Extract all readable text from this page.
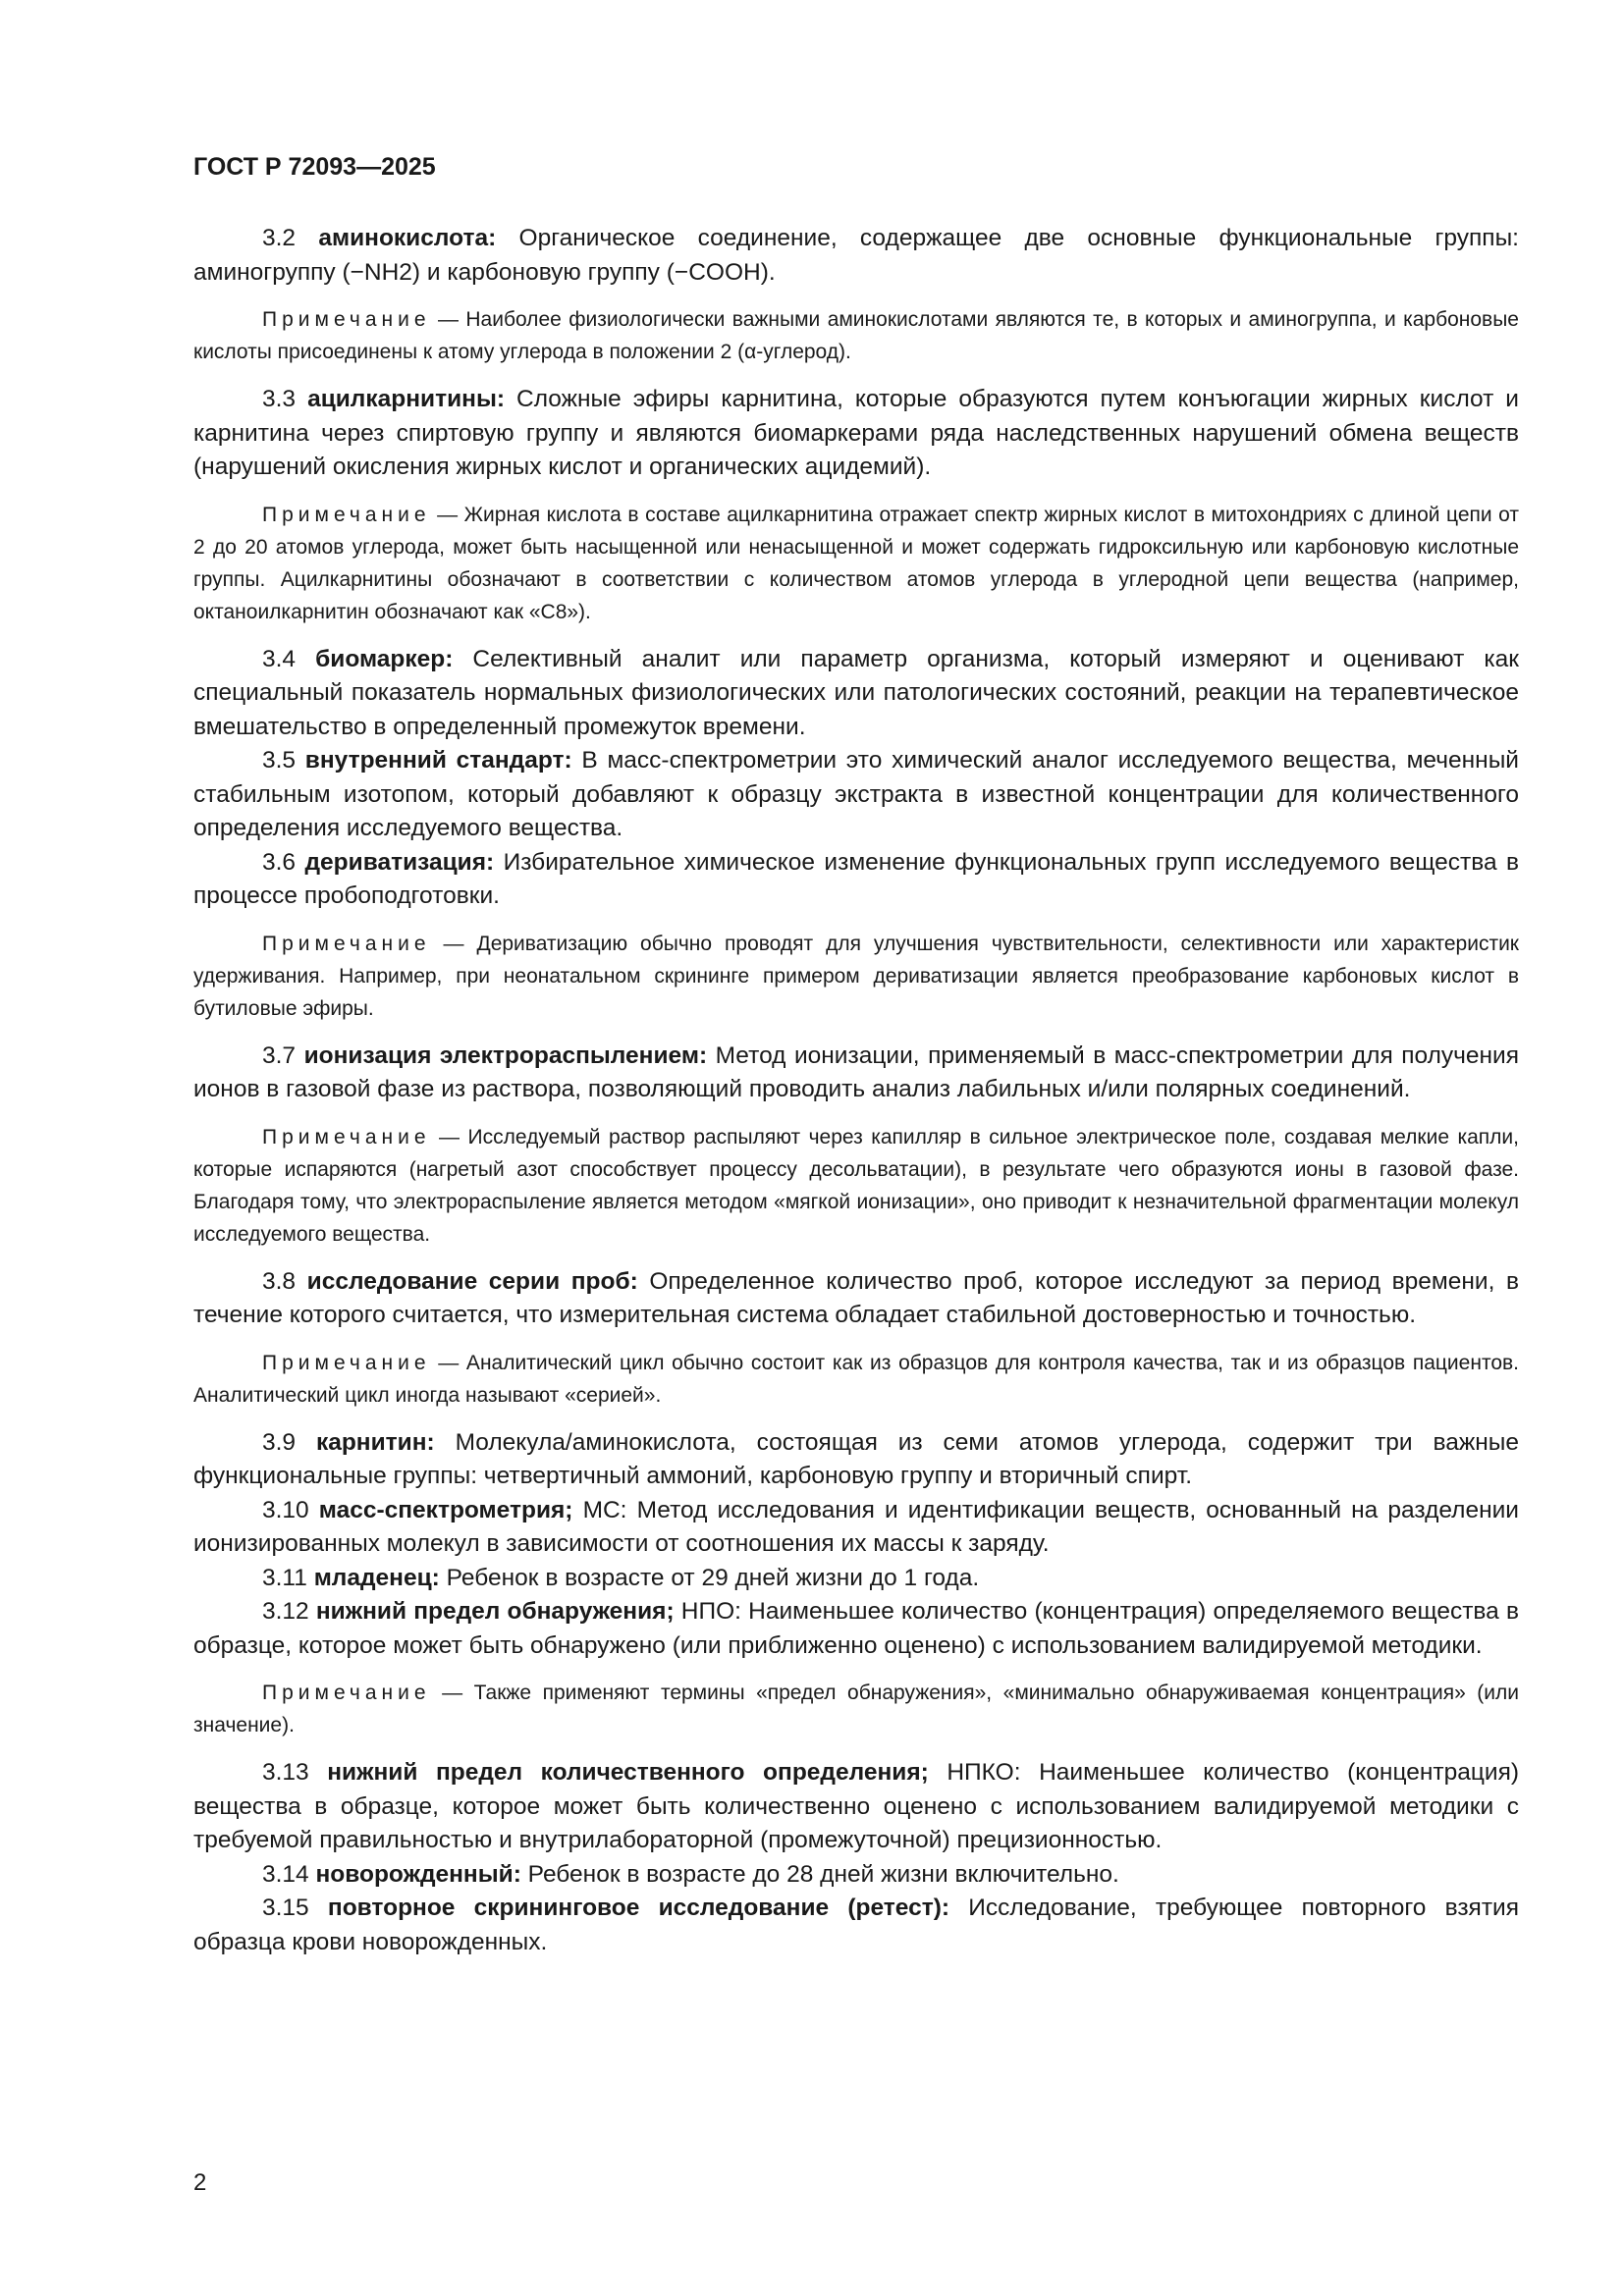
ГОСТ Р 72093—2025

3.2 аминокислота: Органическое соединение, содержащее две основные функциональные группы: аминогруппу (−NH2) и карбоновую группу (−COOH).

Примечание — Наиболее физиологически важными аминокислотами являются те, в которых и аминогруппа, и карбоновые кислоты присоединены к атому углерода в положении 2 (α-углерод).

3.3 ацилкарнитины: Сложные эфиры карнитина, которые образуются путем конъюгации жирных кислот и карнитина через спиртовую группу и являются биомаркерами ряда наследственных нарушений обмена веществ (нарушений окисления жирных кислот и органических ацидемий).

Примечание — Жирная кислота в составе ацилкарнитина отражает спектр жирных кислот в митохондриях с длиной цепи от 2 до 20 атомов углерода, может быть насыщенной или ненасыщенной и может содержать гидроксильную или карбоновую кислотные группы. Ацилкарнитины обозначают в соответствии с количеством атомов углерода в углеродной цепи вещества (например, октаноилкарнитин обозначают как «С8»).

3.4 биомаркер: Селективный аналит или параметр организма, который измеряют и оценивают как специальный показатель нормальных физиологических или патологических состояний, реакции на терапевтическое вмешательство в определенный промежуток времени.

3.5 внутренний стандарт: В масс-спектрометрии это химический аналог исследуемого вещества, меченный стабильным изотопом, который добавляют к образцу экстракта в известной концентрации для количественного определения исследуемого вещества.

3.6 дериватизация: Избирательное химическое изменение функциональных групп исследуемого вещества в процессе пробоподготовки.

Примечание — Дериватизацию обычно проводят для улучшения чувствительности, селективности или характеристик удерживания. Например, при неонатальном скрининге примером дериватизации является преобразование карбоновых кислот в бутиловые эфиры.

3.7 ионизация электрораспылением: Метод ионизации, применяемый в масс-спектрометрии для получения ионов в газовой фазе из раствора, позволяющий проводить анализ лабильных и/или полярных соединений.

Примечание — Исследуемый раствор распыляют через капилляр в сильное электрическое поле, создавая мелкие капли, которые испаряются (нагретый азот способствует процессу десольватации), в результате чего образуются ионы в газовой фазе. Благодаря тому, что электрораспыление является методом «мягкой ионизации», оно приводит к незначительной фрагментации молекул исследуемого вещества.

3.8 исследование серии проб: Определенное количество проб, которое исследуют за период времени, в течение которого считается, что измерительная система обладает стабильной достоверностью и точностью.

Примечание — Аналитический цикл обычно состоит как из образцов для контроля качества, так и из образцов пациентов. Аналитический цикл иногда называют «серией».

3.9 карнитин: Молекула/аминокислота, состоящая из семи атомов углерода, содержит три важные функциональные группы: четвертичный аммоний, карбоновую группу и вторичный спирт.

3.10 масс-спектрометрия; МС: Метод исследования и идентификации веществ, основанный на разделении ионизированных молекул в зависимости от соотношения их массы к заряду.

3.11 младенец: Ребенок в возрасте от 29 дней жизни до 1 года.

3.12 нижний предел обнаружения; НПО: Наименьшее количество (концентрация) определяемого вещества в образце, которое может быть обнаружено (или приближенно оценено) с использованием валидируемой методики.

Примечание — Также применяют термины «предел обнаружения», «минимально обнаруживаемая концентрация» (или значение).

3.13 нижний предел количественного определения; НПКО: Наименьшее количество (концентрация) вещества в образце, которое может быть количественно оценено с использованием валидируемой методики с требуемой правильностью и внутрилабораторной (промежуточной) прецизионностью.

3.14 новорожденный: Ребенок в возрасте до 28 дней жизни включительно.

3.15 повторное скрининговое исследование (ретест): Исследование, требующее повторного взятия образца крови новорожденных.

2
